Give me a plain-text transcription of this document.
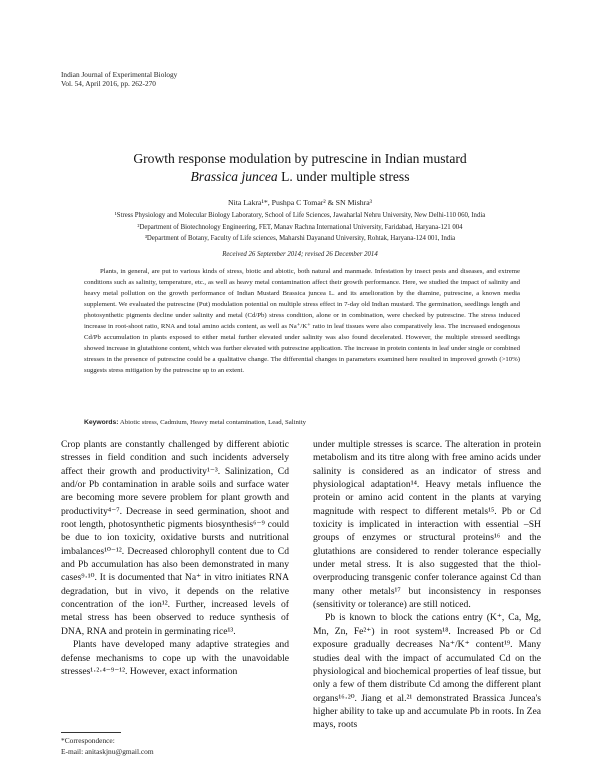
Indian Journal of Experimental Biology
Vol. 54, April 2016, pp. 262-270
Growth response modulation by putrescine in Indian mustard
Brassica juncea L. under multiple stress
Nita Lakra¹*, Pushpa C Tomar² & SN Mishra³
¹Stress Physiology and Molecular Biology Laboratory, School of Life Sciences, Jawaharlal Nehru University, New Delhi-110 060, India
²Department of Biotechnology Engineering, FET, Manav Rachna International University, Faridabad, Haryana-121 004
³Department of Botany, Faculty of Life sciences, Maharshi Dayanand University, Rohtak, Haryana-124 001, India
Received 26 September 2014; revised 26 December 2014
Plants, in general, are put to various kinds of stress, biotic and abiotic, both natural and manmade. Infestation by insect pests and diseases, and extreme conditions such as salinity, temperature, etc., as well as heavy metal contamination affect their growth performance. Here, we studied the impact of salinity and heavy metal pollution on the growth performance of Indian Mustard Brassica juncea L. and its amelioration by the diamine, putrescine, a known media supplement. We evaluated the putrescine (Put) modulation potential on multiple stress effect in 7-day old Indian mustard. The germination, seedlings length and photosynthetic pigments decline under salinity and metal (Cd/Pb) stress condition, alone or in combination, were checked by putrescine. The stress induced increase in root-shoot ratio, RNA and total amino acids content, as well as Na⁺/K⁺ ratio in leaf tissues were also comparatively less. The increased endogenous Cd/Pb accumulation in plants exposed to either metal further elevated under salinity was also found decelerated. However, the multiple stressed seedlings showed increase in glutathione content, which was further elevated with putrescine application. The increase in protein contents in leaf under single or combined stresses in the presence of putrescine could be a qualitative change. The differential changes in parameters examined here resulted in improved growth (>10%) suggests stress mitigation by the putrescine up to an extent.
Keywords: Abiotic stress, Cadmium, Heavy metal contamination, Lead, Salinity

Crop plants are constantly challenged by different abiotic stresses in field condition and such incidents adversely affect their growth and productivity¹⁻³. Salinization, Cd and/or Pb contamination in arable soils and surface water are becoming more severe problem for plant growth and productivity⁴⁻⁷. Decrease in seed germination, shoot and root length, photosynthetic pigments biosynthesis⁶⁻⁹ could be due to ion toxicity, oxidative bursts and nutritional imbalances¹⁰⁻¹². Decreased chlorophyll content due to Cd and Pb accumulation has also been demonstrated in many cases⁹·¹⁰. It is documented that Na⁺ in vitro initiates RNA degradation, but in vivo, it depends on the relative concentration of the ion¹². Further, increased levels of metal stress has been observed to reduce synthesis of DNA, RNA and protein in germinating rice¹³.

Plants have developed many adaptive strategies and defense mechanisms to cope up with the unavoidable stresses¹·²·⁴⁻⁹⁻¹². However, exact information

under multiple stresses is scarce. The alteration in protein metabolism and its titre along with free amino acids under salinity is considered as an indicator of stress and physiological adaptation¹⁴. Heavy metals influence the protein or amino acid content in the plants at varying magnitude with respect to different metals¹⁵. Pb or Cd toxicity is implicated in interaction with essential –SH groups of enzymes or structural proteins¹⁶ and the glutathions are considered to render tolerance especially under metal stress. It is also suggested that the thiol-overproducing transgenic confer tolerance against Cd than many other metals¹⁷ but inconsistency in responses (sensitivity or tolerance) are still noticed.

Pb is known to block the cations entry (K⁺, Ca, Mg, Mn, Zn, Fe²⁺) in root system¹⁸. Increased Pb or Cd exposure gradually decreases Na⁺/K⁺ content¹⁹. Many studies deal with the impact of accumulated Cd on the physiological and biochemical properties of leaf tissue, but only a few of them distribute Cd among the different plant organs¹⁶·²⁰. Jiang et al.²¹ demonstrated Brassica Juncea's higher ability to take up and accumulate Pb in roots. In Zea mays, roots

*Correspondence:
E-mail: anitaskjnu@gmail.com
